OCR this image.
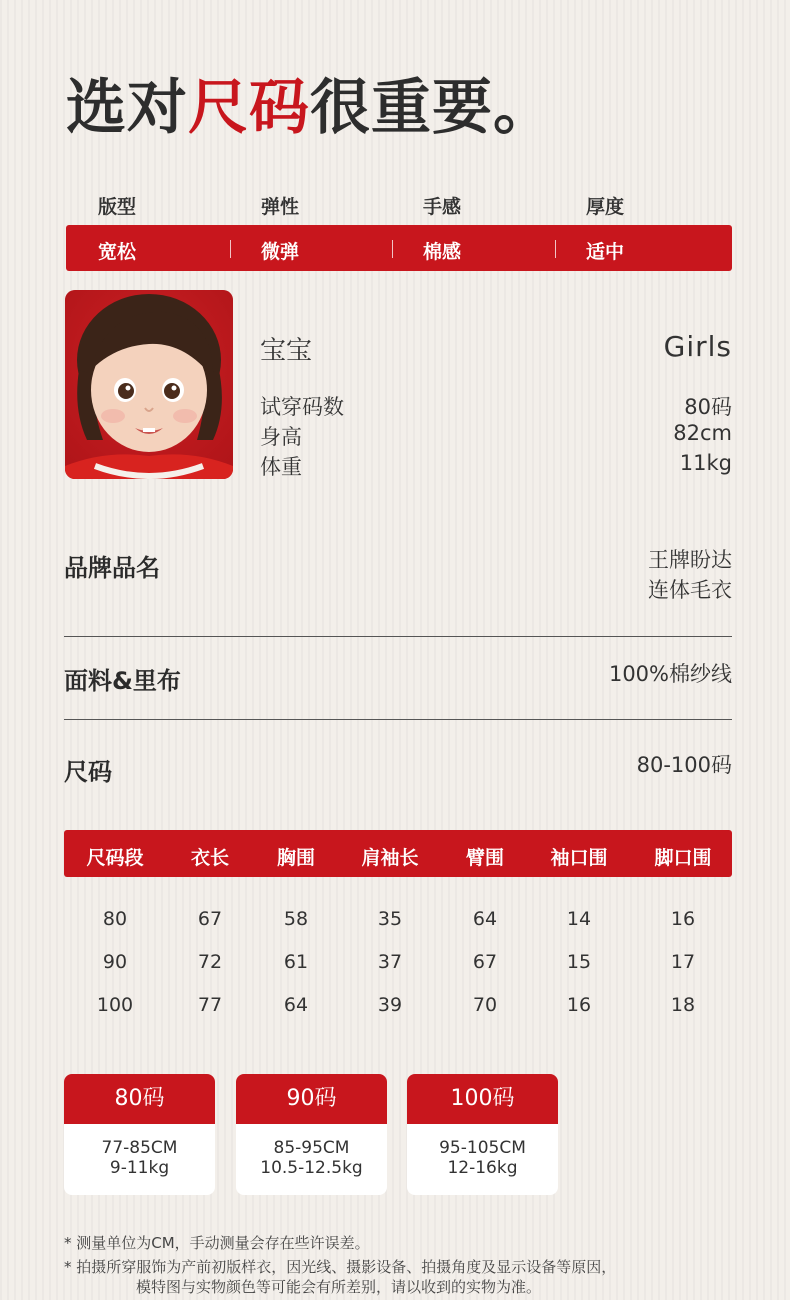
选对尺码很重要。
版型	弹性	手感	厚度
宽松	微弹	棉感	适中
宝宝	Girls
试穿码数	80码
身高	82cm
体重	11kg
品牌品名	王牌盼达
连体毛衣
面料&里布	100%棉纱线
尺码	80-100码
尺码段	衣长	胸围	肩袖长	臂围	袖口围	脚口围
80	67	58	35	64	14	16
90	72	61	37	67	15	17
100	77	64	39	70	16	18
80码
77-85CM
9-11kg
90码
85-95CM
10.5-12.5kg
100码
95-105CM
12-16kg
* 测量单位为CM，手动测量会存在些许误差。
* 拍摄所穿服饰为产前初版样衣，因光线、摄影设备、拍摄角度及显示设备等原因，
模特图与实物颜色等可能会有所差别，请以收到的实物为准。
